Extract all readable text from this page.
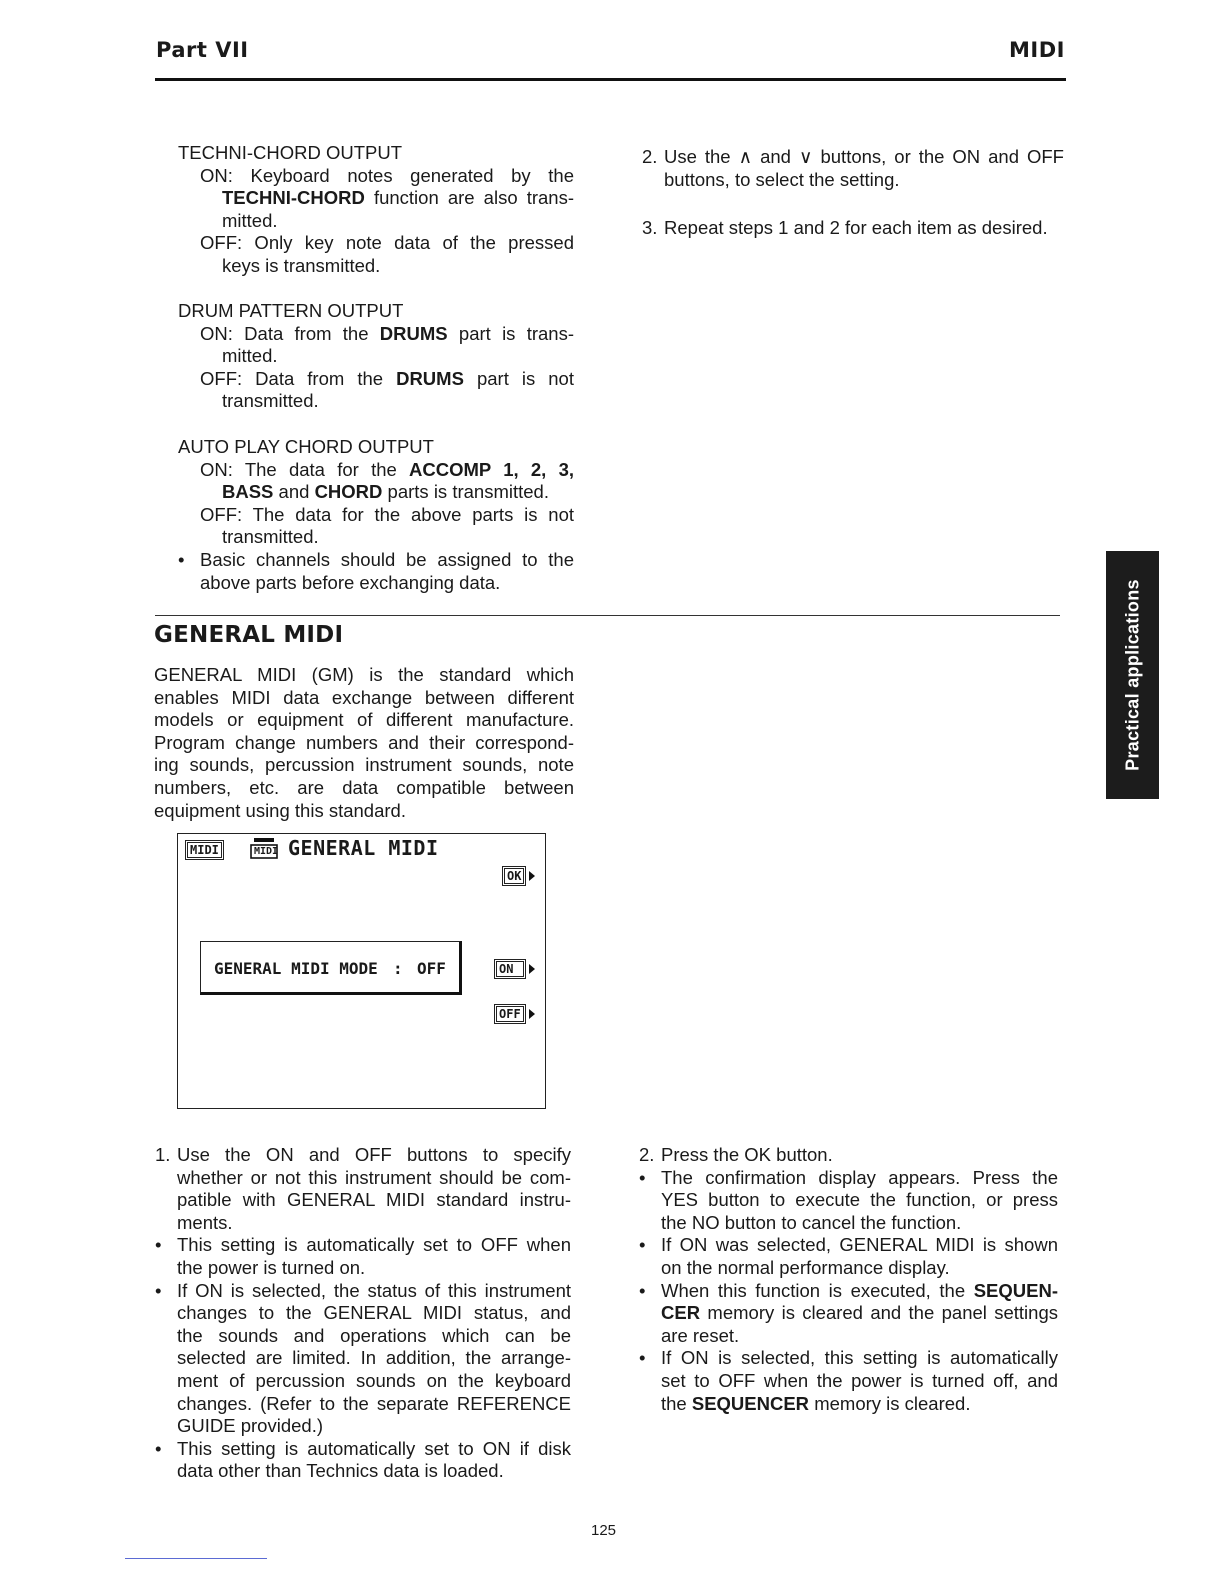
Part VII	MIDI

TECHNI-CHORD OUTPUT

ON: Keyboard notes generated by the

TECHNI-CHORD function are also trans-

mitted.

OFF: Only key note data of the pressed

keys is transmitted.

DRUM PATTERN OUTPUT

ON: Data from the DRUMS part is trans-

mitted.

OFF: Data from the DRUMS part is not

transmitted.

AUTO PLAY CHORD OUTPUT

ON: The data for the ACCOMP 1, 2, 3,

BASS and CHORD parts is transmitted.

OFF: The data for the above parts is not

transmitted.

• Basic channels should be assigned to the

above parts before exchanging data.

2. Use the ∧ and ∨ buttons, or the ON and OFF

buttons, to select the setting.

3. Repeat steps 1 and 2 for each item as desired.

GENERAL MIDI

GENERAL MIDI (GM) is the standard which

enables MIDI data exchange between different

models or equipment of different manufacture.

Program change numbers and their correspond-

ing sounds, percussion instrument sounds, note

numbers, etc. are data compatible between

equipment using this standard.

MIDI	MIDI GENERAL MIDI
OK
GENERAL MIDI MODE : OFF	ON
OFF
1. Use the ON and OFF buttons to specify

whether or not this instrument should be com-

patible with GENERAL MIDI standard instru-

ments.

• This setting is automatically set to OFF when

the power is turned on.

• If ON is selected, the status of this instrument

changes to the GENERAL MIDI status, and

the sounds and operations which can be

selected are limited. In addition, the arrange-

ment of percussion sounds on the keyboard

changes. (Refer to the separate REFERENCE

GUIDE provided.)

• This setting is automatically set to ON if disk

data other than Technics data is loaded.

2. Press the OK button.

• The confirmation display appears. Press the

YES button to execute the function, or press

the NO button to cancel the function.

• If ON was selected, GENERAL MIDI is shown

on the normal performance display.

• When this function is executed, the SEQUEN-

CER memory is cleared and the panel settings

are reset.

• If ON is selected, this setting is automatically

set to OFF when the power is turned off, and

the SEQUENCER memory is cleared.

Practical applications
125
